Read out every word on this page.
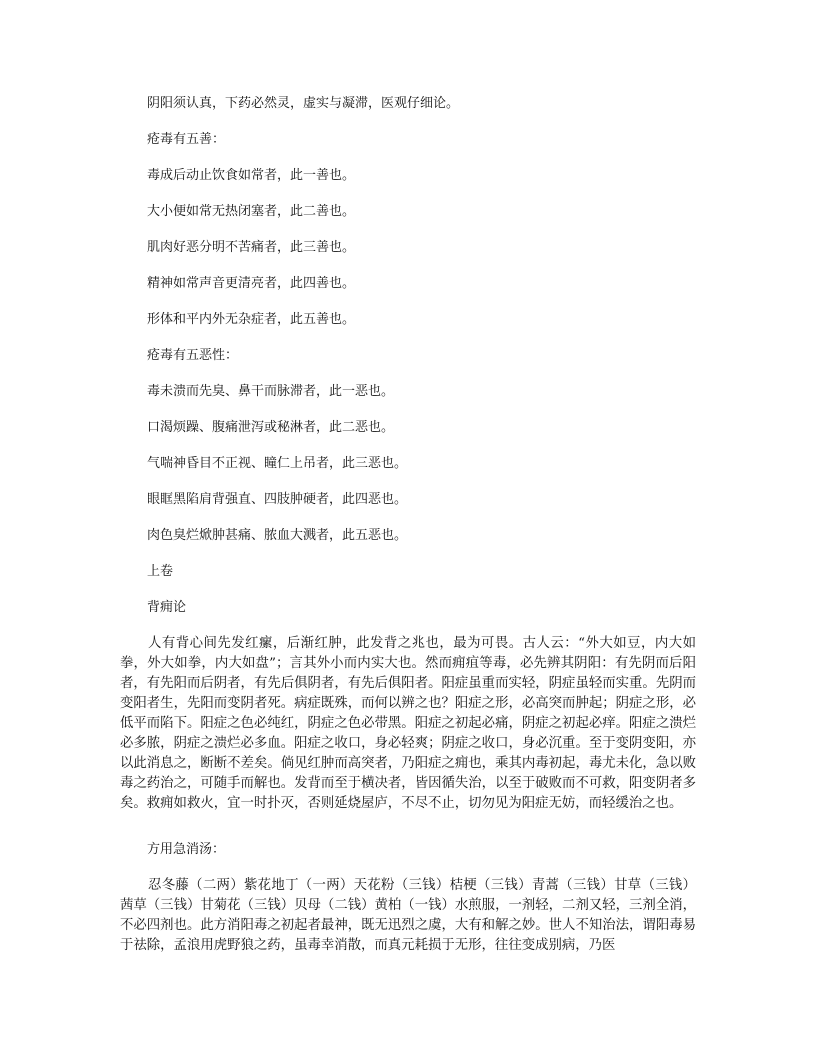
阴阳须认真，下药必然灵，虚实与凝滞，医观仔细论。
疮毒有五善：
毒成后动止饮食如常者，此一善也。
大小便如常无热闭塞者，此二善也。
肌肉好恶分明不苦痛者，此三善也。
精神如常声音更清亮者，此四善也。
形体和平内外无杂症者，此五善也。
疮毒有五恶性：
毒未溃而先臭、鼻干而脉滞者，此一恶也。
口渴烦躁、腹痛泄泻或秘淋者，此二恶也。
气喘神昏目不正视、瞳仁上吊者，此三恶也。
眼眶黑陷肩背强直、四肢肿硬者，此四恶也。
肉色臭烂焮肿甚痛、脓血大溅者，此五恶也。
上卷
背痈论
人有背心间先发红瘰，后渐红肿，此发背之兆也，最为可畏。古人云：“外大如豆，内大如拳，外大如拳，内大如盘”；言其外小而内实大也。然而痈疽等毒，必先辨其阴阳：有先阴而后阳者，有先阳而后阴者，有先后俱阴者，有先后俱阳者。阳症虽重而实轻，阴症虽轻而实重。先阴而变阳者生，先阳而变阴者死。病症既殊，而何以辨之也？阳症之形，必高突而肿起；阴症之形，必低平而陷下。阳症之色必纯红，阴症之色必带黑。阳症之初起必痛，阴症之初起必痒。阳症之溃烂必多脓，阴症之溃烂必多血。阳症之收口，身必轻爽；阴症之收口，身必沉重。至于变阴变阳，亦以此消息之，断断不差矣。倘见红肿而高突者，乃阳症之痈也，乘其内毒初起，毒尤未化，急以败毒之药治之，可随手而解也。发背而至于横决者，皆因循失治，以至于破败而不可救，阳变阴者多矣。救痈如救火，宜一时扑灭，否则延烧屋庐，不尽不止，切勿见为阳症无妨，而轻缓治之也。
方用急消汤：
忍冬藤（二两）紫花地丁（一两）天花粉（三钱）桔梗（三钱）青蒿（三钱）甘草（三钱）茜草（三钱）甘菊花（三钱）贝母（二钱）黄柏（一钱）水煎服，一剂轻，二剂又轻，三剂全消，不必四剂也。此方消阳毒之初起者最神，既无迅烈之虞，大有和解之妙。世人不知治法，谓阳毒易于祛除，孟浪用虎野狼之药，虽毒幸消散，而真元耗损于无形，往往变成别病，乃医
